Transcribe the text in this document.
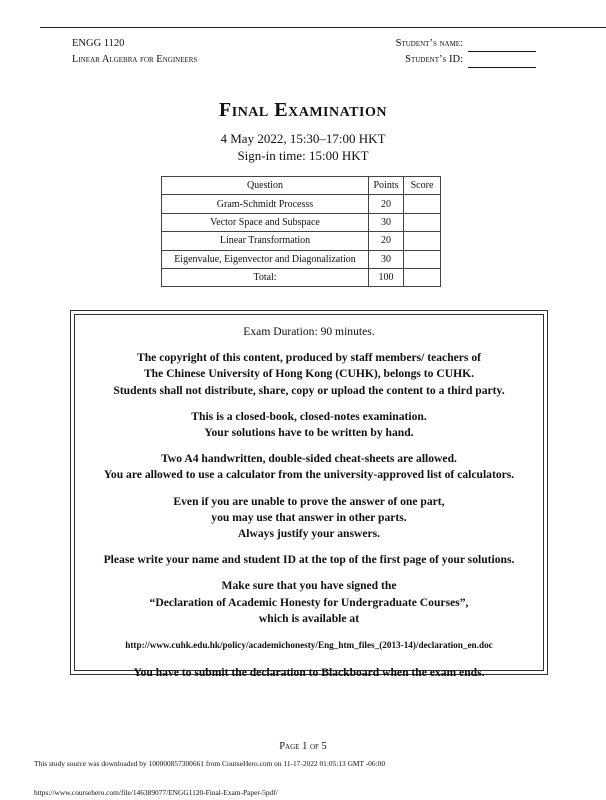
ENGG 1120
Linear Algebra for Engineers
Student’s name:
Student’s ID:
Final Examination
4 May 2022, 15:30–17:00 HKT
Sign-in time: 15:00 HKT
Question	Points	Score
Gram-Schmidt Processs	20	
Vector Space and Subspace	30	
Linear Transformation	20	
Eigenvalue, Eigenvector and Diagonalization	30	
Total:	100	

Exam Duration: 90 minutes.

The copyright of this content, produced by staff members/ teachers of
The Chinese University of Hong Kong (CUHK), belongs to CUHK.
Students shall not distribute, share, copy or upload the content to a third party.

This is a closed-book, closed-notes examination.
Your solutions have to be written by hand.

Two A4 handwritten, double-sided cheat-sheets are allowed.
You are allowed to use a calculator from the university-approved list of calculators.

Even if you are unable to prove the answer of one part,
you may use that answer in other parts.
Always justify your answers.

Please write your name and student ID at the top of the first page of your solutions.

Make sure that you have signed the
“Declaration of Academic Honesty for Undergraduate Courses”,
which is available at

http://www.cuhk.edu.hk/policy/academichonesty/Eng_htm_files_(2013-14)/declaration_en.doc

You have to submit the declaration to Blackboard when the exam ends.

Page 1 of 5
This study source was downloaded by 100000857300661 from CourseHero.com on 11-17-2022 01:05:13 GMT -06:00
https://www.coursehero.com/file/146389077/ENGG1120-Final-Exam-Paper-5pdf/
